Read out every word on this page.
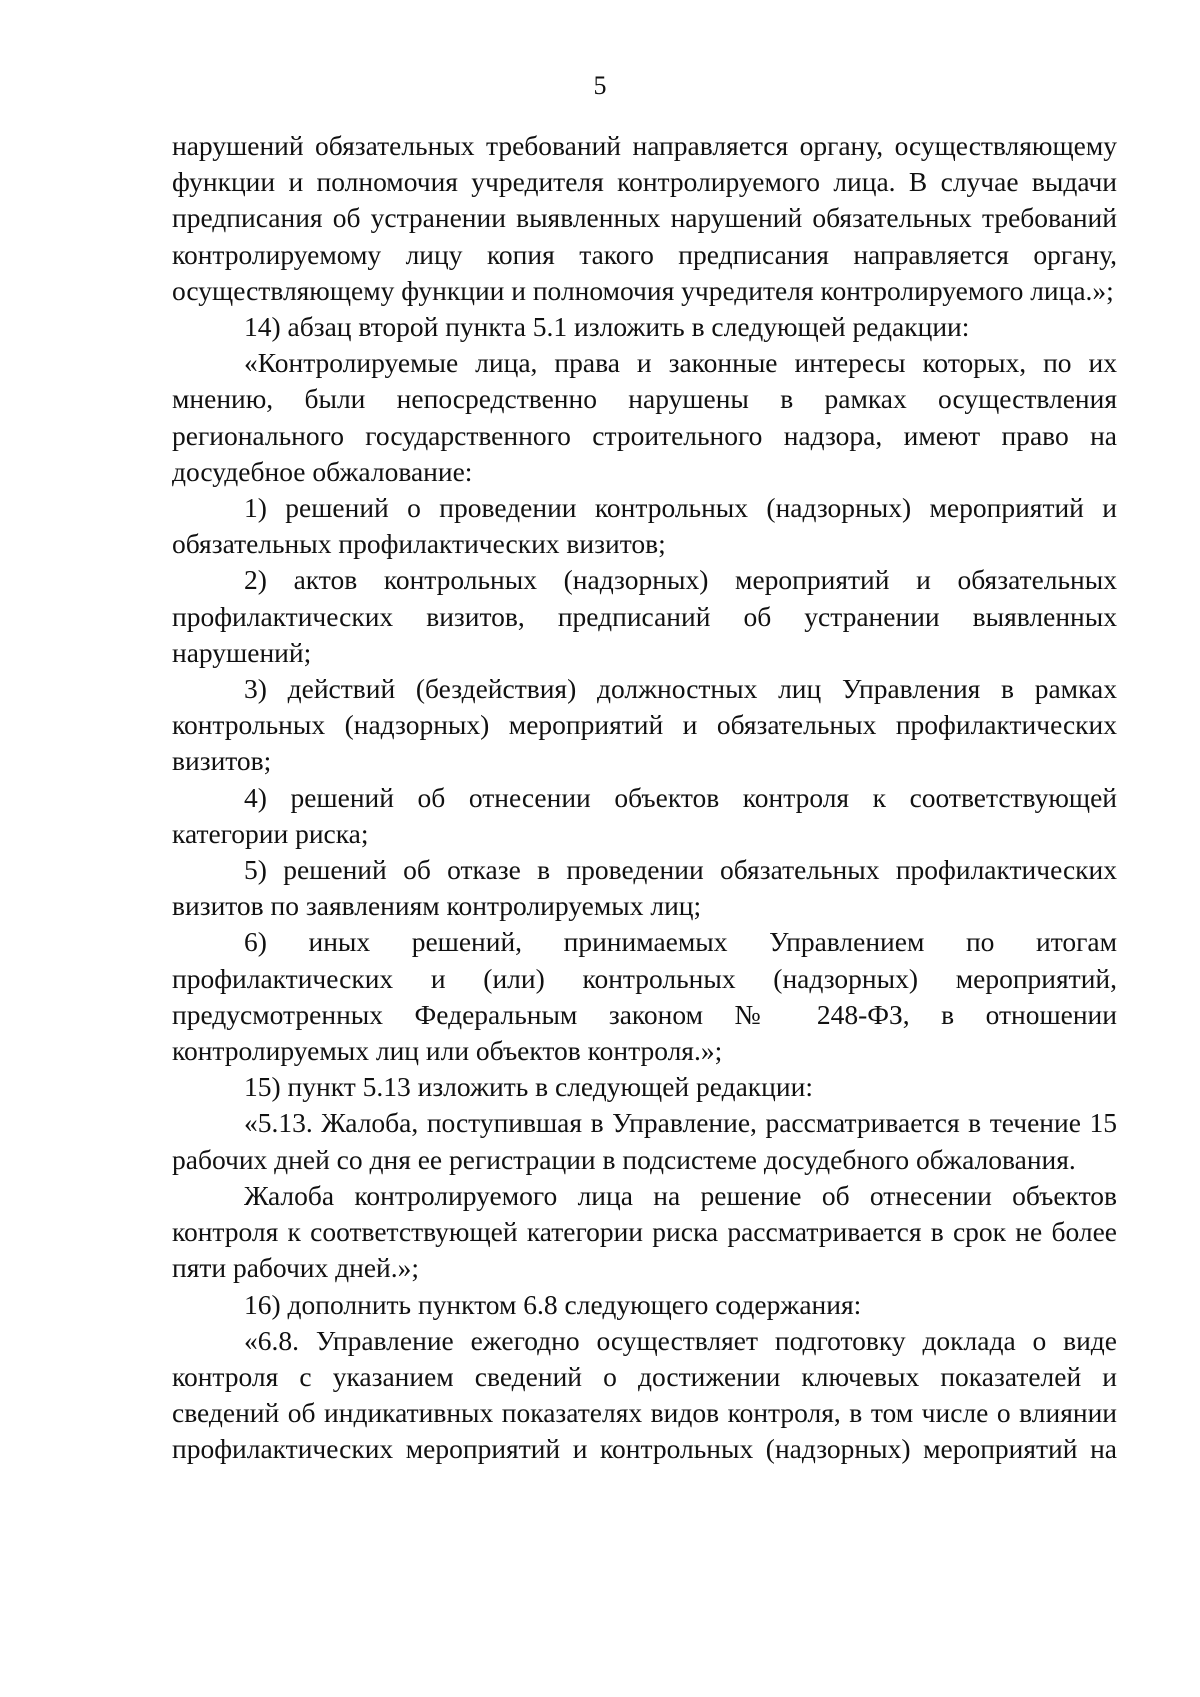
5

нарушений обязательных требований направляется органу, осуществляющему функции и полномочия учредителя контролируемого лица. В случае выдачи предписания об устранении выявленных нарушений обязательных требований контролируемому лицу копия такого предписания направляется органу, осуществляющему функции и полномочия учредителя контролируемого лица.»;

14) абзац второй пункта 5.1 изложить в следующей редакции:

«Контролируемые лица, права и законные интересы которых, по их мнению, были непосредственно нарушены в рамках осуществления регионального государственного строительного надзора, имеют право на досудебное обжалование:

1) решений о проведении контрольных (надзорных) мероприятий и обязательных профилактических визитов;

2) актов контрольных (надзорных) мероприятий и обязательных профилактических визитов, предписаний об устранении выявленных нарушений;

3) действий (бездействия) должностных лиц Управления в рамках контрольных (надзорных) мероприятий и обязательных профилактических визитов;

4) решений об отнесении объектов контроля к соответствующей категории риска;

5) решений об отказе в проведении обязательных профилактических визитов по заявлениям контролируемых лиц;

6) иных решений, принимаемых Управлением по итогам профилактических и (или) контрольных (надзорных) мероприятий, предусмотренных Федеральным законом № 248-ФЗ, в отношении контролируемых лиц или объектов контроля.»;

15) пункт 5.13 изложить в следующей редакции:

«5.13. Жалоба, поступившая в Управление, рассматривается в течение 15 рабочих дней со дня ее регистрации в подсистеме досудебного обжалования.

Жалоба контролируемого лица на решение об отнесении объектов контроля к соответствующей категории риска рассматривается в срок не более пяти рабочих дней.»;

16) дополнить пунктом 6.8 следующего содержания:

«6.8. Управление ежегодно осуществляет подготовку доклада о виде контроля с указанием сведений о достижении ключевых показателей и сведений об индикативных показателях видов контроля, в том числе о влиянии профилактических мероприятий и контрольных (надзорных) мероприятий на
